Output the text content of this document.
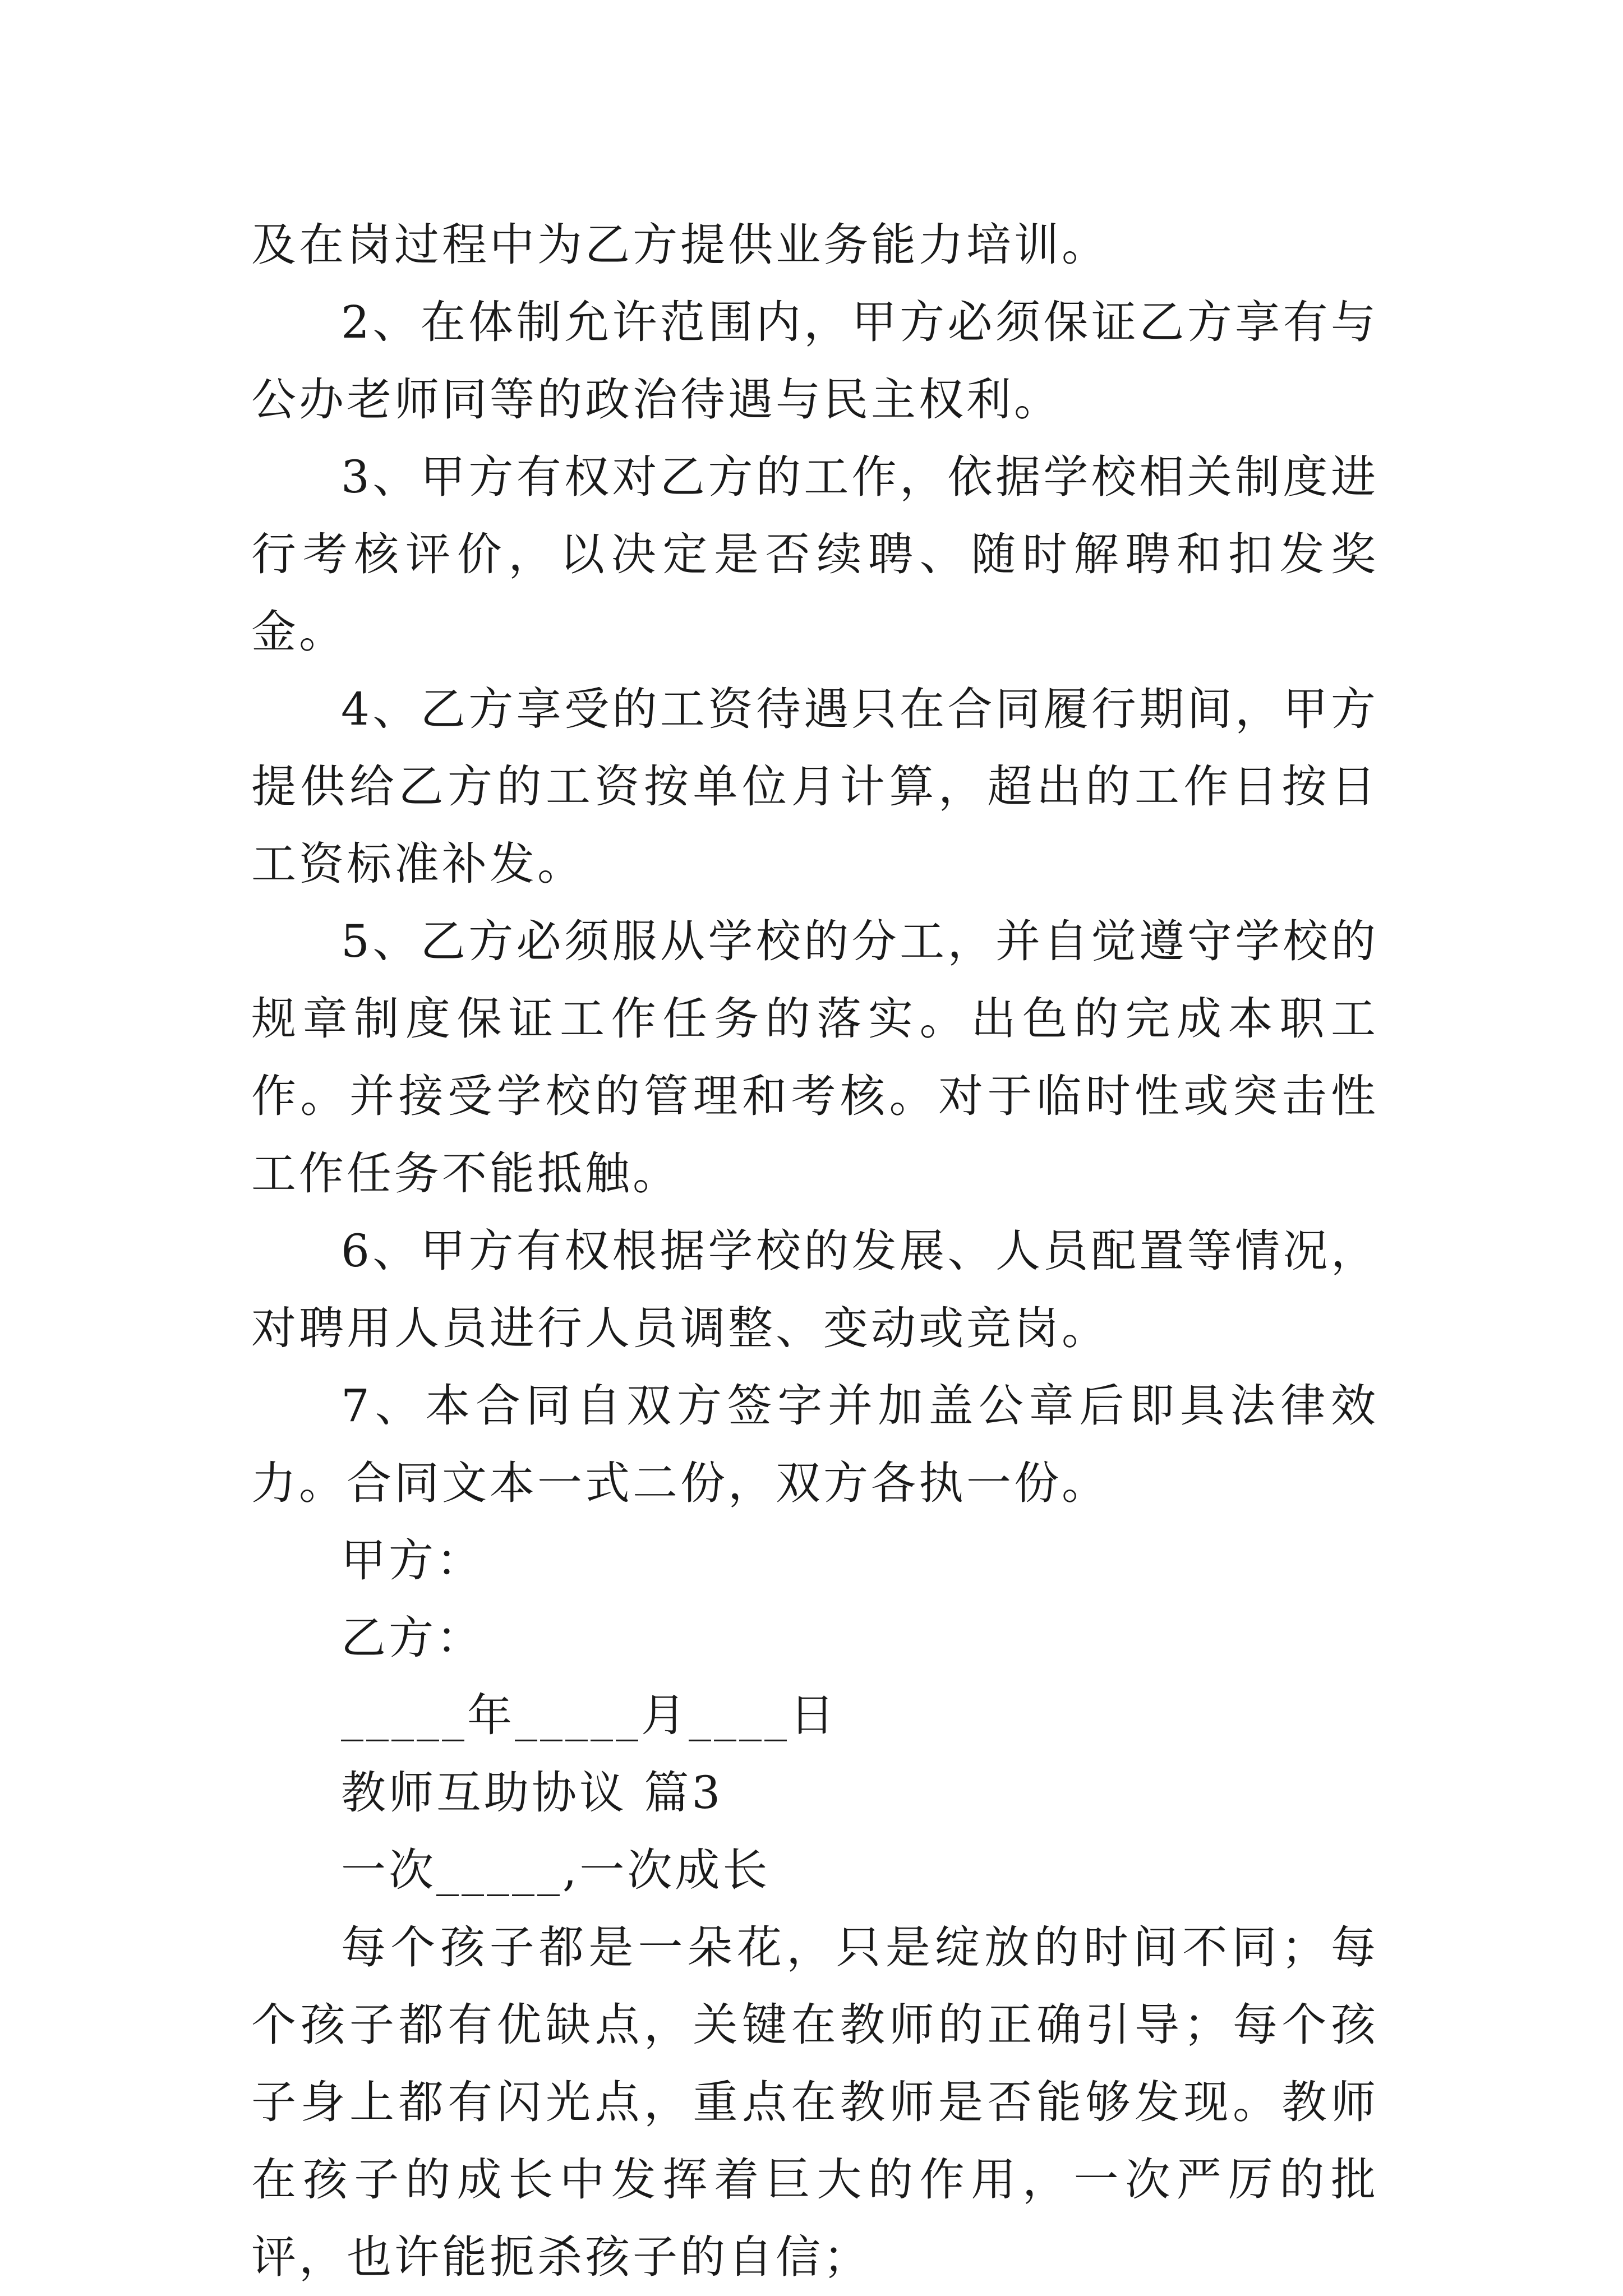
及在岗过程中为乙方提供业务能力培训。

2、在体制允许范围内，甲方必须保证乙方享有与公办老师同等的政治待遇与民主权利。

3、甲方有权对乙方的工作，依据学校相关制度进行考核评价，以决定是否续聘、随时解聘和扣发奖金。

4、乙方享受的工资待遇只在合同履行期间，甲方提供给乙方的工资按单位月计算，超出的工作日按日工资标准补发。

5、乙方必须服从学校的分工，并自觉遵守学校的规章制度保证工作任务的落实。出色的完成本职工作。并接受学校的管理和考核。对于临时性或突击性工作任务不能抵触。

6、甲方有权根据学校的发展、人员配置等情况，对聘用人员进行人员调整、变动或竞岗。

7、本合同自双方签字并加盖公章后即具法律效力。合同文本一式二份，双方各执一份。

甲方：

乙方：

_____年_____月____日

教师互助协议 篇3

一次_____,一次成长

每个孩子都是一朵花，只是绽放的时间不同；每个孩子都有优缺点，关键在教师的正确引导；每个孩子身上都有闪光点，重点在教师是否能够发现。教师在孩子的成长中发挥着巨大的作用，一次严厉的批评，也许能扼杀孩子的自信；
